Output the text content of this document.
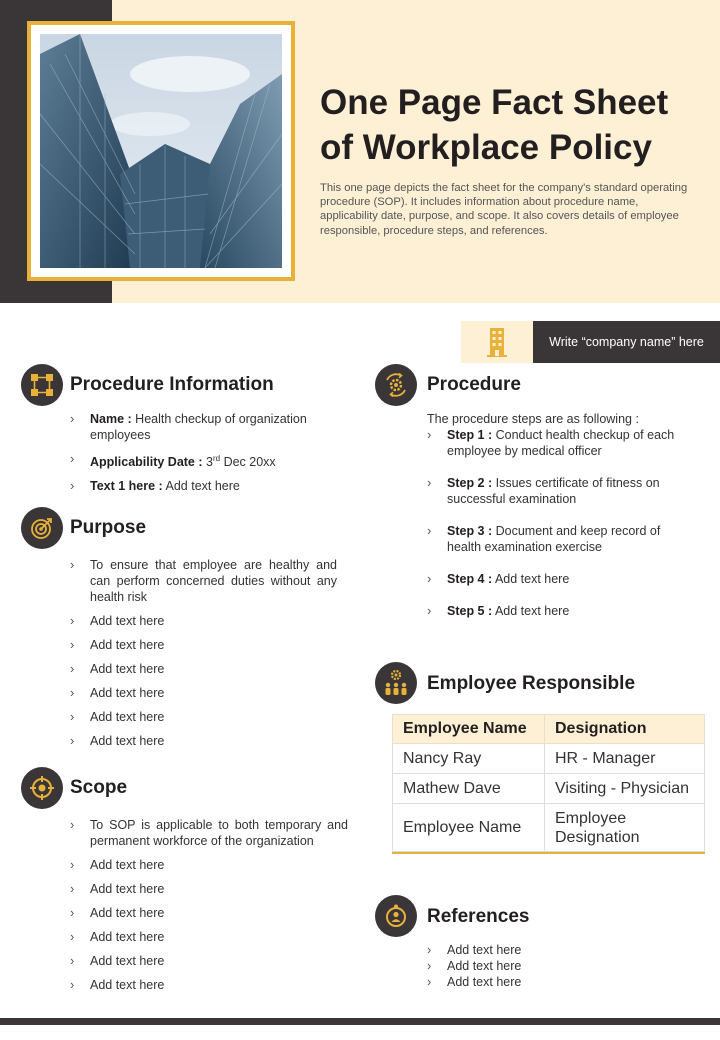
One Page Fact Sheet
of Workplace Policy
This one page depicts the fact sheet for the company's standard operating procedure (SOP). It includes information about procedure name, applicability date, purpose, and scope. It also covers details of employee responsible, procedure steps, and references.
Write “company name” here
Procedure Information
› Name : Health checkup of organization employees
› Applicability Date : 3rd Dec 20xx
› Text 1 here : Add text here
Purpose
› To ensure that employee are healthy and can perform concerned duties without any health risk
› Add text here
› Add text here
› Add text here
› Add text here
› Add text here
› Add text here
Scope
› To SOP is applicable to both temporary and permanent workforce of the organization
› Add text here
› Add text here
› Add text here
› Add text here
› Add text here
› Add text here
Procedure
The procedure steps are as following :
› Step 1 : Conduct health checkup of each employee by medical officer
› Step 2 : Issues certificate of fitness on successful examination
› Step 3 : Document and keep record of health examination exercise
› Step 4 : Add text here
› Step 5 : Add text here
Employee Responsible
Employee Name	Designation
Nancy Ray	HR - Manager
Mathew Dave	Visiting - Physician
Employee Name	Employee Designation
References
› Add text here
› Add text here
› Add text here
